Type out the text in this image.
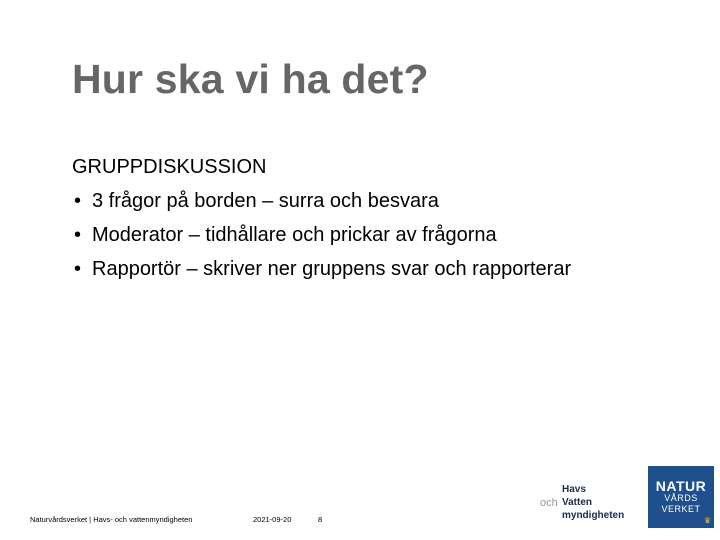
Hur ska vi ha det?
GRUPPDISKUSSION
• 3 frågor på borden – surra och besvara
• Moderator – tidhållare och prickar av frågorna
• Rapportör – skriver ner gruppens svar och rapporterar
Naturvårdsverket | Havs- och vattenmyndigheten	2021-09-20	8
Havs
och Vatten
myndigheten
NATUR
VÅRDS
VERKET
♛
